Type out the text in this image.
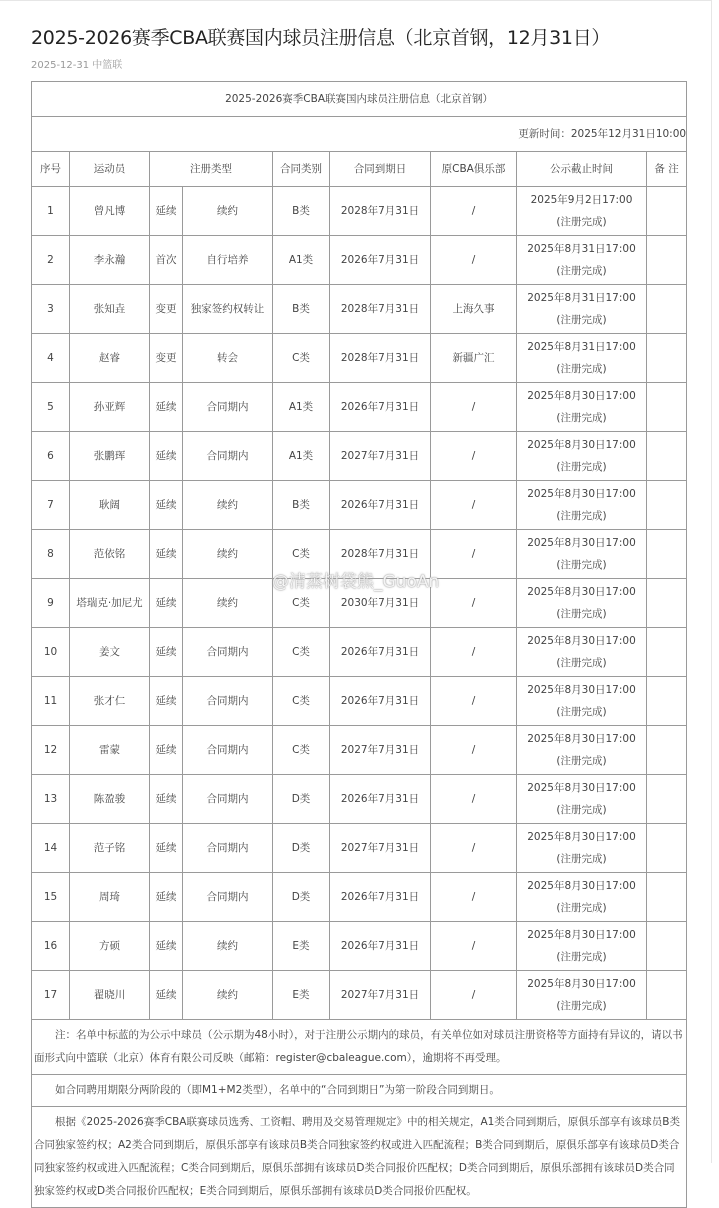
2025-2026赛季CBA联赛国内球员注册信息（北京首钢，12月31日）
2025-12-31 中篮联
2025-2026赛季CBA联赛国内球员注册信息（北京首钢）
更新时间：2025年12月31日10:00
序号	运动员	注册类型	合同类别	合同到期日	原CBA俱乐部	公示截止时间	备 注
1	曾凡博	延续	续约	B类	2028年7月31日	/	
2025年9月2日17:00
(注册完成)

2	李永瀚	首次	自行培养	A1类	2026年7月31日	/	
2025年8月31日17:00
(注册完成)

3	张知垚	变更	独家签约权转让	B类	2028年7月31日	上海久事	
2025年8月31日17:00
(注册完成)

4	赵睿	变更	转会	C类	2028年7月31日	新疆广汇	
2025年8月31日17:00
(注册完成)

5	孙亚辉	延续	合同期内	A1类	2026年7月31日	/	
2025年8月30日17:00
(注册完成)

6	张鹏珲	延续	合同期内	A1类	2027年7月31日	/	
2025年8月30日17:00
(注册完成)

7	耿阔	延续	续约	B类	2026年7月31日	/	
2025年8月30日17:00
(注册完成)

8	范依铭	延续	续约	C类	2028年7月31日	/	
2025年8月30日17:00
(注册完成)

9	塔瑞克·加尼尤	延续	续约	C类	2030年7月31日	/	
2025年8月30日17:00
(注册完成)

10	姜文	延续	合同期内	C类	2026年7月31日	/	
2025年8月30日17:00
(注册完成)

11	张才仁	延续	合同期内	C类	2026年7月31日	/	
2025年8月30日17:00
(注册完成)

12	雷蒙	延续	合同期内	C类	2027年7月31日	/	
2025年8月30日17:00
(注册完成)

13	陈盈骏	延续	合同期内	D类	2026年7月31日	/	
2025年8月30日17:00
(注册完成)

14	范子铭	延续	合同期内	D类	2027年7月31日	/	
2025年8月30日17:00
(注册完成)

15	周琦	延续	合同期内	D类	2026年7月31日	/	
2025年8月30日17:00
(注册完成)

16	方硕	延续	续约	E类	2026年7月31日	/	
2025年8月30日17:00
(注册完成)

17	翟晓川	延续	续约	E类	2027年7月31日	/	
2025年8月30日17:00
(注册完成)

注：名单中标蓝的为公示中球员（公示期为48小时），对于注册公示期内的球员，有关单位如对球员注册资格等方面持有异议的，请以书面形式向中篮联（北京）体育有限公司反映（邮箱：register@cbaleague.com），逾期将不再受理。
如合同聘用期限分两阶段的（即M1+M2类型），名单中的“合同到期日”为第一阶段合同到期日。
根据《2025-2026赛季CBA联赛球员选秀、工资帽、聘用及交易管理规定》中的相关规定，A1类合同到期后，原俱乐部享有该球员B类合同独家签约权；A2类合同到期后，原俱乐部享有该球员B类合同独家签约权或进入匹配流程；B类合同到期后，原俱乐部享有该球员D类合同独家签约权或进入匹配流程；C类合同到期后，原俱乐部拥有该球员D类合同报价匹配权；D类合同到期后，原俱乐部拥有该球员D类合同独家签约权或D类合同报价匹配权；E类合同到期后，原俱乐部拥有该球员D类合同报价匹配权。
@清蒸树袋熊_GuoAn
